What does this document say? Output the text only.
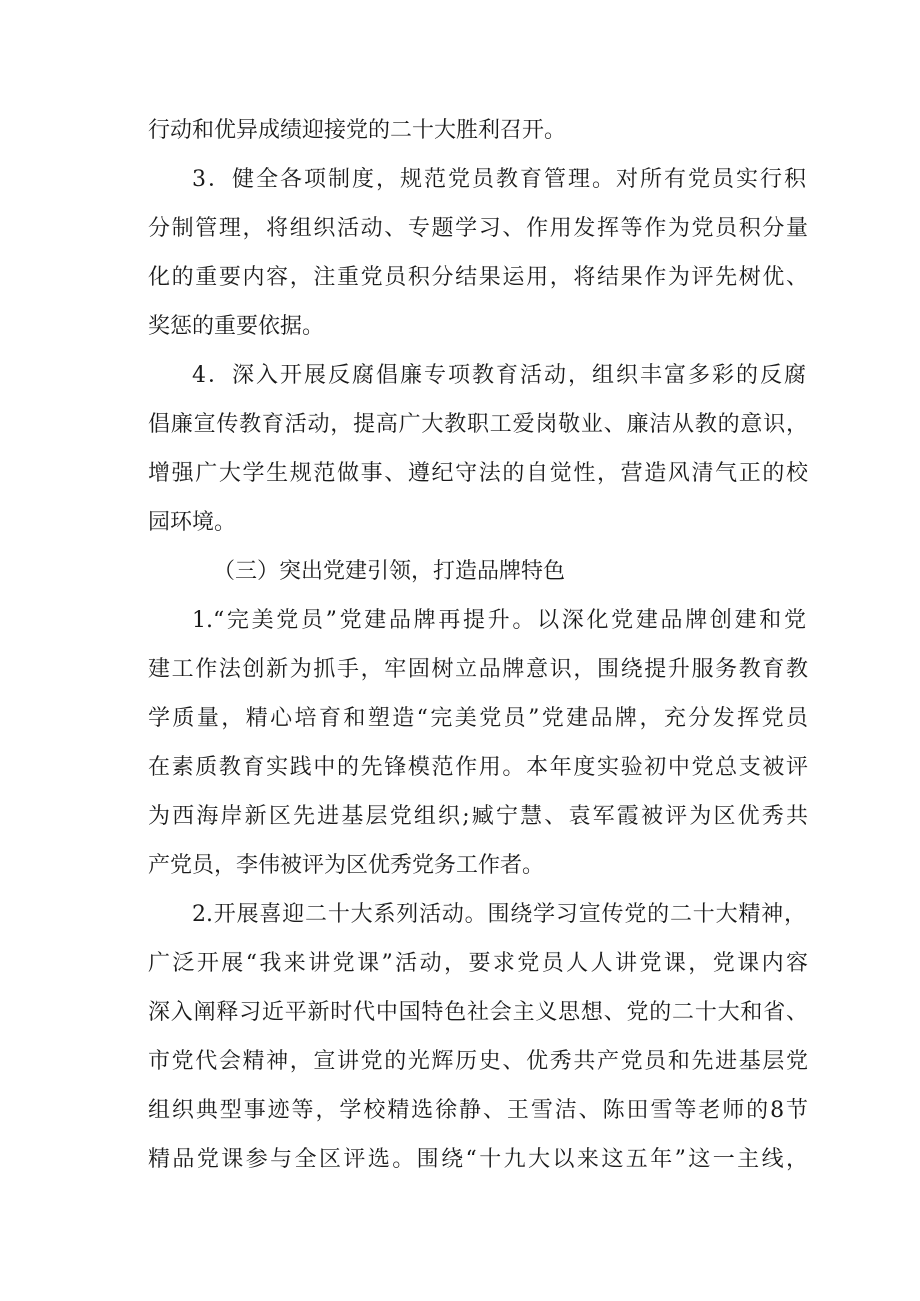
行动和优异成绩迎接党的二十大胜利召开。
3．健全各项制度，规范党员教育管理。对所有党员实行积
分制管理，将组织活动、专题学习、作用发挥等作为党员积分量
化的重要内容，注重党员积分结果运用，将结果作为评先树优、
奖惩的重要依据。
4．深入开展反腐倡廉专项教育活动，组织丰富多彩的反腐
倡廉宣传教育活动，提高广大教职工爱岗敬业、廉洁从教的意识，
增强广大学生规范做事、遵纪守法的自觉性，营造风清气正的校
园环境。
（三）突出党建引领，打造品牌特色
1.“完美党员”党建品牌再提升。以深化党建品牌创建和党
建工作法创新为抓手，牢固树立品牌意识，围绕提升服务教育教
学质量，精心培育和塑造“完美党员”党建品牌，充分发挥党员
在素质教育实践中的先锋模范作用。本年度实验初中党总支被评
为西海岸新区先进基层党组织;臧宁慧、袁军霞被评为区优秀共
产党员，李伟被评为区优秀党务工作者。
2.开展喜迎二十大系列活动。围绕学习宣传党的二十大精神，
广泛开展“我来讲党课”活动，要求党员人人讲党课，党课内容
深入阐释习近平新时代中国特色社会主义思想、党的二十大和省、
市党代会精神，宣讲党的光辉历史、优秀共产党员和先进基层党
组织典型事迹等，学校精选徐静、王雪洁、陈田雪等老师的8节
精品党课参与全区评选。围绕“十九大以来这五年”这一主线，
